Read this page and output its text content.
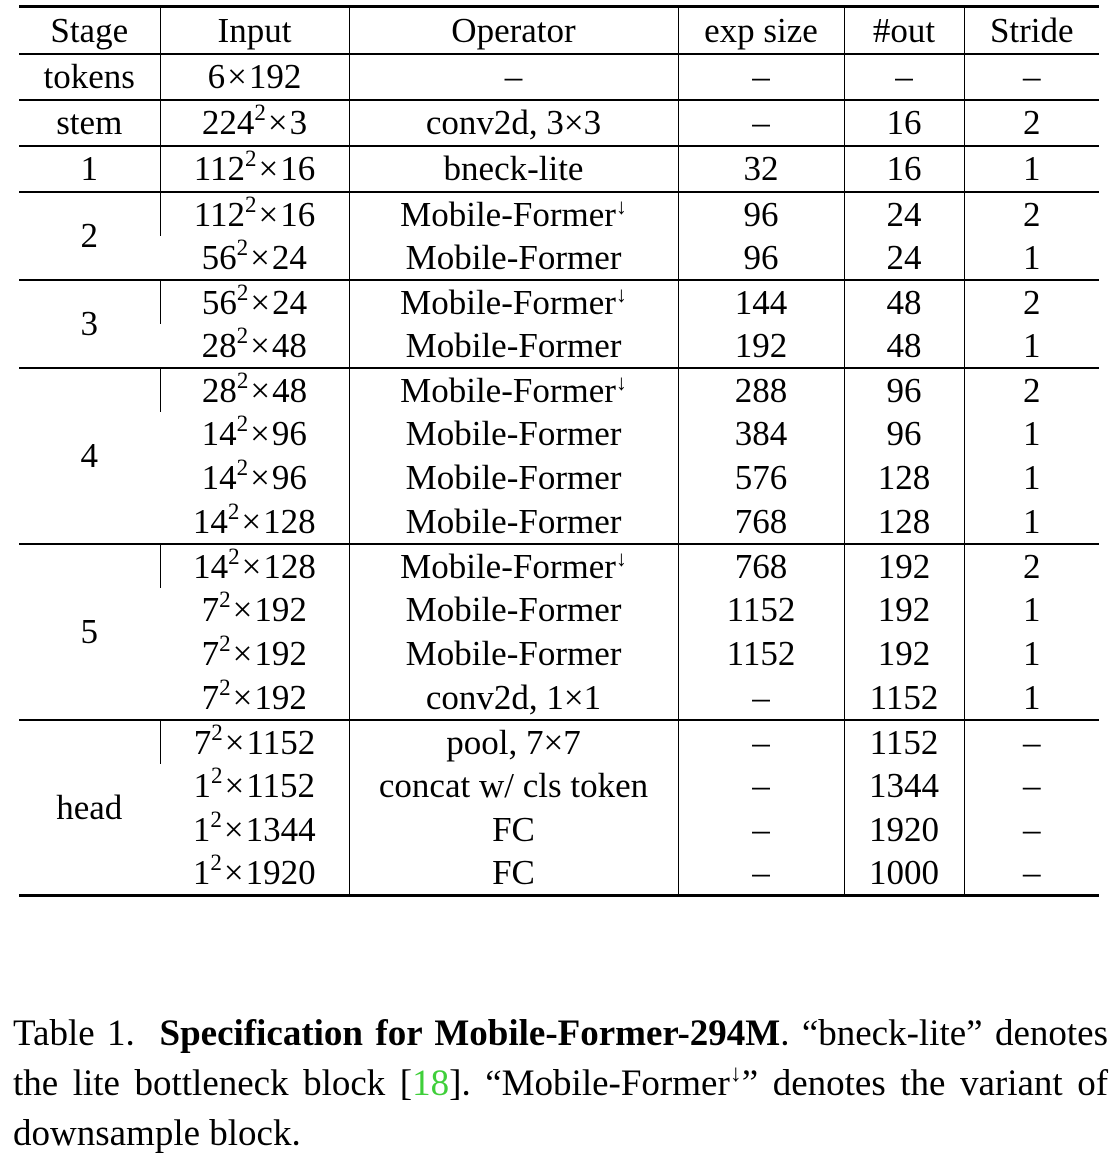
Stage	Input	Operator	exp size	#out	Stride
tokens	6×192	–	–	–	–
stem	$224^2\times 3$	conv2d, 3×3	–	16	2
1	$112^2\times 16$	bneck-lite	32	16	1
2	$112^2\times 16$	Mobile-Former↓	96	24	2
	$56^2\times 24$	Mobile-Former	96	24	1
3	$56^2\times 24$	Mobile-Former↓	144	48	2
	$28^2\times 48$	Mobile-Former	192	48	1
4	$28^2\times 48$	Mobile-Former↓	288	96	2
	$14^2\times 96$	Mobile-Former	384	96	1
	$14^2\times 96$	Mobile-Former	576	128	1
	$14^2\times 128$	Mobile-Former	768	128	1
5	$14^2\times 128$	Mobile-Former↓	768	192	2
	$7^2\times 192$	Mobile-Former	1152	192	1
	$7^2\times 192$	Mobile-Former	1152	192	1
	$7^2\times 192$	conv2d, 1×1	–	1152	1
head	$7^2\times 1152$	pool, 7×7	–	1152	–
	$1^2\times 1152$	concat w/ cls token	–	1344	–
	$1^2\times 1344$	FC	–	1920	–
	$1^2\times 1920$	FC	–	1000	–

Table 1. Specification for Mobile-Former-294M. “bneck-lite” denotes the lite bottleneck block [18]. “Mobile-Former↓” denotes the variant of downsample block.
